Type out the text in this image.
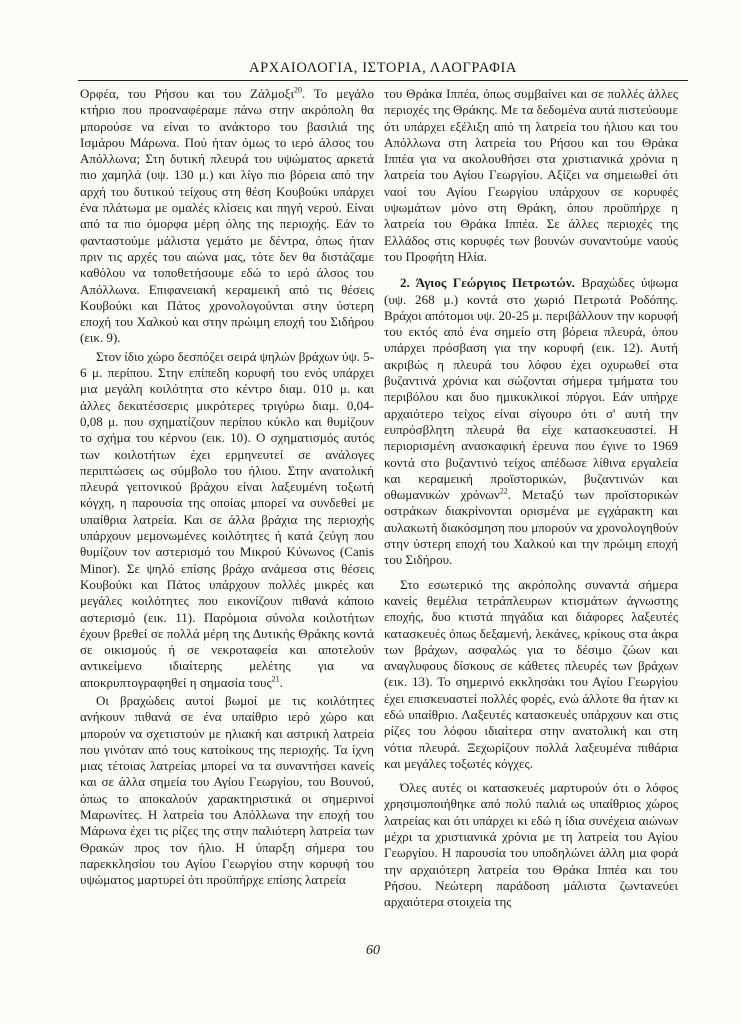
ΑΡΧΑΙΟΛΟΓΙΑ, ΙΣΤΟΡΙΑ, ΛΑΟΓΡΑΦΙΑ

Ορφέα, του Ρήσου και του Ζάλμοξι$^{20}$. Το μεγάλο κτήριο που προαναφέραμε πάνω στην ακρόπολη θα μπορούσε να είναι το ανάκτορο του βασιλιά της Ισμάρου Μάρωνα. Πού ήταν όμως το ιερό άλσος του Απόλλωνα; Στη δυτική πλευρά του υψώματος αρκετά πιο χαμηλά (υψ. 130 μ.) και λίγο πιο βόρεια από την αρχή του δυτικού τείχους στη θέση Κουβούκι υπάρχει ένα πλάτωμα με ομαλές κλίσεις και πηγή νερού. Είναι από τα πιο όμορφα μέρη όλης της περιοχής. Εάν το φανταστούμε μάλιστα γεμάτο με δέντρα, όπως ήταν πριν τις αρχές του αιώνα μας, τότε δεν θα διστάζαμε καθόλου να τοποθετήσουμε εδώ το ιερό άλσος του Απόλλωνα. Επιφανειακή κεραμεική από τις θέσεις Κουβούκι και Πάτος χρονολογούνται στην ύστερη εποχή του Χαλκού και στην πρώιμη εποχή του Σιδήρου (εικ. 9).

Στον ίδιο χώρο δεσπόζει σειρά ψηλών βράχων ύψ. 5-6 μ. περίπου. Στην επίπεδη κορυφή του ενός υπάρχει μια μεγάλη κοιλότητα στο κέντρο διαμ. 010 μ. και άλλες δεκατέσσερις μικρότερες τριγύρω διαμ. 0,04-0,08 μ. που σχηματίζουν περίπου κύκλο και θυμίζουν το σχήμα του κέρνου (εικ. 10). Ο σχηματισμός αυτός των κοιλοτήτων έχει ερμηνευτεί σε ανάλογες περιπτώσεις ως σύμβολο του ήλιου. Στην ανατολική πλευρά γειτονικού βράχου είναι λαξευμένη τοξωτή κόγχη, η παρουσία της οποίας μπορεί να συνδεθεί με υπαίθρια λατρεία. Και σε άλλα βράχια της περιοχής υπάρχουν μεμονωμένες κοιλότητες ή κατά ζεύγη που θυμίζουν τον αστερισμό του Μικρού Κύνωνος (Canis Minor). Σε ψηλό επίσης βράχο ανάμεσα στις θέσεις Κουβούκι και Πάτος υπάρχουν πολλές μικρές και μεγάλες κοιλότητες που εικονίζουν πιθανά κάποιο αστερισμό (εικ. 11). Παρόμοια σύνολα κοιλοτήτων έχουν βρεθεί σε πολλά μέρη της Δυτικής Θράκης κοντά σε οικισμούς ή σε νεκροταφεία και αποτελούν αντικείμενο ιδιαίτερης μελέτης για να αποκρυπτογραφηθεί η σημασία τους$^{21}$.

Οι βραχώδεις αυτοί βωμοί με τις κοιλότητες ανήκουν πιθανά σε ένα υπαίθριο ιερό χώρο και μπορούν να σχετιστούν με ηλιακή και αστρική λατρεία που γινόταν από τους κατοίκους της περιοχής. Τα ίχνη μιας τέτοιας λατρείας μπορεί να τα συναντήσει κανείς και σε άλλα σημεία του Αγίου Γεωργίου, του Βουνού, όπως το αποκαλούν χαρακτηριστικά οι σημερινοί Μαρωνίτες. Η λατρεία του Απόλλωνα την εποχή του Μάρωνα έχει τις ρίζες της στην παλιότερη λατρεία των Θρακών προς τον ήλιο. Η ύπαρξη σήμερα του παρεκκλησίου του Αγίου Γεωργίου στην κορυφή του υψώματος μαρτυρεί ότι προϋπήρχε επίσης λατρεία

του Θράκα Ιππέα, όπως συμβαίνει και σε πολλές άλλες περιοχές της Θράκης. Με τα δεδομένα αυτά πιστεύουμε ότι υπάρχει εξέλιξη από τη λατρεία του ήλιου και του Απόλλωνα στη λατρεία του Ρήσου και του Θράκα Ιππέα για να ακολουθήσει στα χριστιανικά χρόνια η λατρεία του Αγίου Γεωργίου. Αξίζει να σημειωθεί ότι ναοί του Αγίου Γεωργίου υπάρχουν σε κορυφές υψωμάτων μόνο στη Θράκη, όπου προϋπήρχε η λατρεία του Θράκα Ιππέα. Σε άλλες περιοχές της Ελλάδος στις κορυφές των βουνών συναντούμε ναούς του Προφήτη Ηλία.

2. Άγιος Γεώργιος Πετρωτών. Βραχώδες ύψωμα (υψ. 268 μ.) κοντά στο χωριό Πετρωτά Ροδόπης. Βράχοι απότομοι υψ. 20-25 μ. περιβάλλουν την κορυφή του εκτός από ένα σημείο στη βόρεια πλευρά, όπου υπάρχει πρόσβαση για την κορυφή (εικ. 12). Αυτή ακριβώς η πλευρά του λόφου έχει οχυρωθεί στα βυζαντινά χρόνια και σώζονται σήμερα τμήματα του περιβόλου και δυο ημικυκλικοί πύργοι. Εάν υπήρχε αρχαιότερο τείχος είναι σίγουρο ότι σ' αυτή την ευπρόσβλητη πλευρά θα είχε κατασκευαστεί. Η περιορισμένη ανασκαφική έρευνα που έγινε το 1969 κοντά στο βυζαντινό τείχος απέδωσε λίθινα εργαλεία και κεραμεική προϊστορικών, βυζαντινών και οθωμανικών χρόνων$^{22}$. Μεταξύ των προϊστορικών οστράκων διακρίνονται ορισμένα με εγχάρακτη και αυλακωτή διακόσμηση που μπορούν να χρονολογηθούν στην ύστερη εποχή του Χαλκού και την πρώιμη εποχή του Σιδήρου.

Στο εσωτερικό της ακρόπολης συναντά σήμερα κανείς θεμέλια τετράπλευρων κτισμάτων άγνωστης εποχής, δυο κτιστά πηγάδια και διάφορες λαξευτές κατασκευές όπως δεξαμενή, λεκάνες, κρίκους στα άκρα των βράχων, ασφαλώς για το δέσιμο ζώων και αναγλυφους δίσκους σε κάθετες πλευρές των βράχων (εικ. 13). Το σημερινό εκκλησάκι του Αγίου Γεωργίου έχει επισκευαστεί πολλές φορές, ενώ άλλοτε θα ήταν κι εδώ υπαίθριο. Λαξευτές κατασκευές υπάρχουν και στις ρίζες του λόφου ιδιαίτερα στην ανατολική και στη νότια πλευρά. Ξεχωρίζουν πολλά λαξευμένα πιθάρια και μεγάλες τοξωτές κόγχες.

Όλες αυτές οι κατασκευές μαρτυρούν ότι ο λόφος χρησιμοποιήθηκε από πολύ παλιά ως υπαίθριος χώρος λατρείας και ότι υπάρχει κι εδώ η ίδια συνέχεια αιώνων μέχρι τα χριστιανικά χρόνια με τη λατρεία του Αγίου Γεωργίου. Η παρουσία του υποδηλώνει άλλη μια φορά την αρχαιότερη λατρεία του Θράκα Ιππέα και του Ρήσου. Νεώτερη παράδοση μάλιστα ζωντανεύει αρχαιότερα στοιχεία της

60
